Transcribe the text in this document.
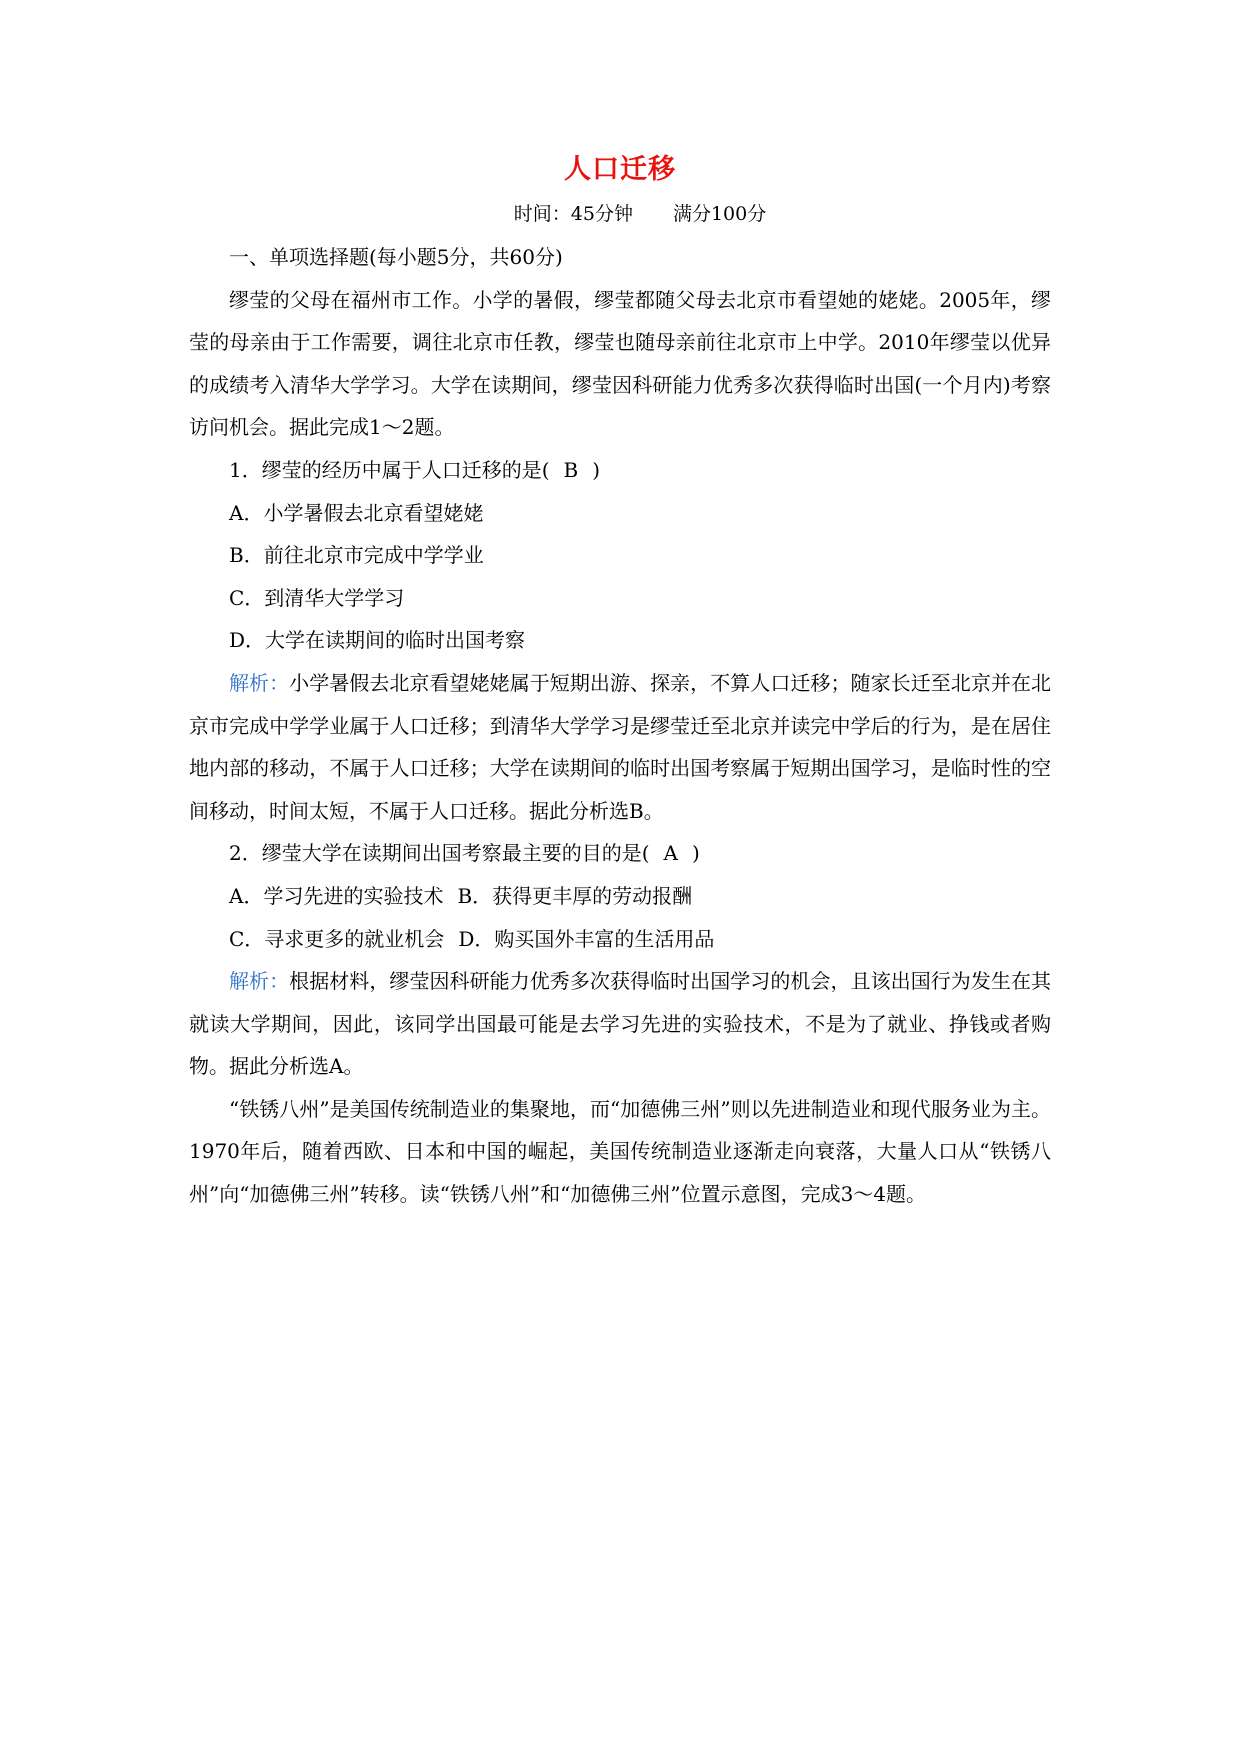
人口迁移

时间：45分钟 满分100分

一、单项选择题(每小题5分，共60分)

缪莹的父母在福州市工作。小学的暑假，缪莹都随父母去北京市看望她的姥姥。2005年，缪莹的母亲由于工作需要，调往北京市任教，缪莹也随母亲前往北京市上中学。2010年缪莹以优异的成绩考入清华大学学习。大学在读期间，缪莹因科研能力优秀多次获得临时出国(一个月内)考察访问机会。据此完成1～2题。

1．缪莹的经历中属于人口迁移的是( B )

A．小学暑假去北京看望姥姥

B．前往北京市完成中学学业

C．到清华大学学习

D．大学在读期间的临时出国考察

解析：小学暑假去北京看望姥姥属于短期出游、探亲，不算人口迁移；随家长迁至北京并在北京市完成中学学业属于人口迁移；到清华大学学习是缪莹迁至北京并读完中学后的行为，是在居住地内部的移动，不属于人口迁移；大学在读期间的临时出国考察属于短期出国学习，是临时性的空间移动，时间太短，不属于人口迁移。据此分析选B。

2．缪莹大学在读期间出国考察最主要的目的是( A )

A．学习先进的实验技术 B．获得更丰厚的劳动报酬

C．寻求更多的就业机会 D．购买国外丰富的生活用品

解析：根据材料，缪莹因科研能力优秀多次获得临时出国学习的机会，且该出国行为发生在其就读大学期间，因此，该同学出国最可能是去学习先进的实验技术，不是为了就业、挣钱或者购物。据此分析选A。

“铁锈八州”是美国传统制造业的集聚地，而“加德佛三州”则以先进制造业和现代服务业为主。1970年后，随着西欧、日本和中国的崛起，美国传统制造业逐渐走向衰落，大量人口从“铁锈八州”向“加德佛三州”转移。读“铁锈八州”和“加德佛三州”位置示意图，完成3～4题。
